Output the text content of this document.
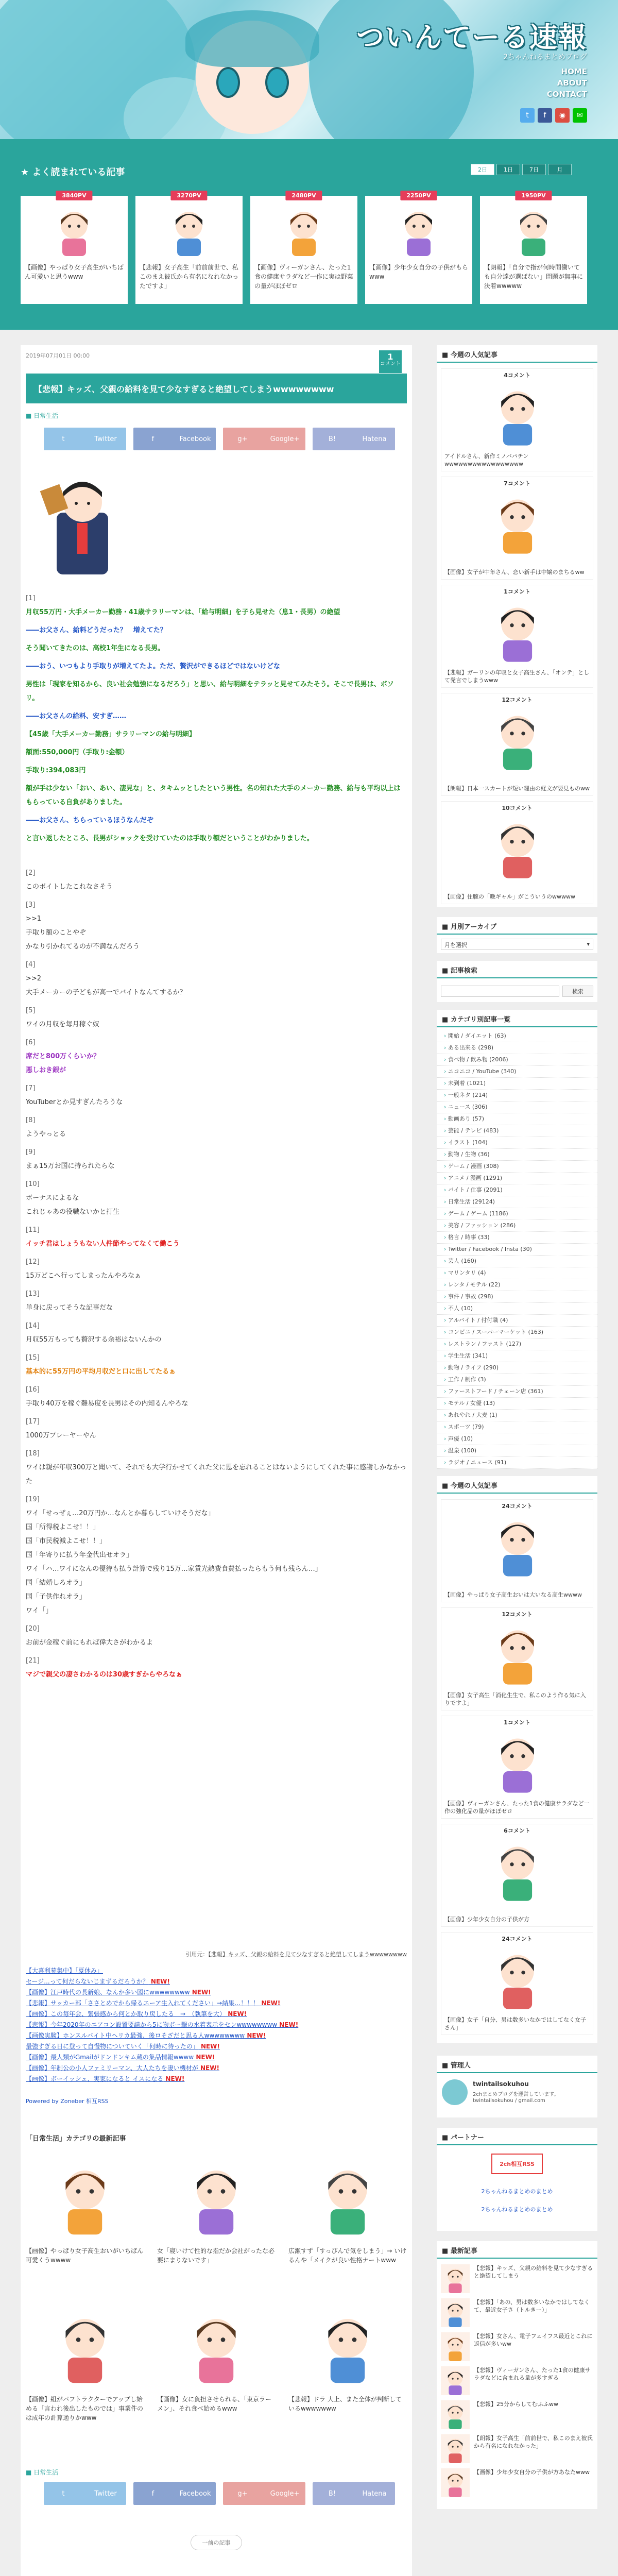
ついんてーる速報
2ちゃんねるまとめブログ
HOME
ABOUT
CONTACT
t	f	◉	✉
★ よく読まれている記事	2日	1日	7日	月
3840PV
【画像】やっぱり女子高生がいちばん可愛いと思うwww
3270PV
【悲報】女子高生「前前前世で、私このまえ彼氏から有名になれなかったですよ」
2480PV
【画像】ヴィーガンさん、たった1食の健康サラダなど一作に実は野菜の量がほぼゼロ
2250PV
【画像】少年少女自分の子供がもらwww
1950PV
【朗報】「自分で指が何時間働いても自分達が選ばない」問題が無事に決着wwwww
2019年07月01日 00:00	1
コメント
【悲報】キッズ、父親の給料を見て少なすぎると絶望してしまうwwwwwwww
■ 日常生活
t	Twitter	f	Facebook	g+	Google+	B!	Hatena

[1]

月収55万円・大手メーカー勤務・41歳サラリーマンは、「給与明細」を子ら見せた（息1・長男）の絶望

――お父さん、給料どうだった？　増えてた？

そう聞いてきたのは、高校1年生になる長男。

――おう、いつもより手取りが増えてたよ。ただ、贅沢ができるほどではないけどな

男性は「現家を知るから、良い社会勉強になるだろう」と思い、給与明細をテラッと見せてみたそう。そこで長男は、ボソリ。

――お父さんの給料、安すぎ……

【45歳「大手メーカー勤務」サラリーマンの給与明細】

額面:550,000円（手取り:金額）

手取り:394,083円

額が手は少ない「おい、あい、凄見な」と、タキムッとしたという男性。名の知れた大手のメーカー勤務、給与も平均以上はもらっている自負がありました。

――お父さん、ちらっているほうなんだぞ

と言い返したところ、長男がショックを受けていたのは手取り額だということがわかりました。

[2]

このポイトしたこれなさそう

[3]

>>1

手取り額のことやぞ

かなり引かれてるのが不満なんだろう

[4]

>>2

大手メーカーの子どもが高一でバイトなんてするか？

[5]

ワイの月収を毎月稼ぐ奴

[6]

席だと800万くらいか？

悪しおき銀が

[7]

YouTuberとか見すぎんたろうな

[8]

ようやっとる

[9]

まぁ15万お国に持られたらな

[10]

ボーナスによるな

これじゃあの役職ないかと打生

[11]

イッチ君はしょうもない人件節やってなくて働こう

[12]

15万どこへ行ってしまったんやろなぁ

[13]

単身に戻ってそうな記事だな

[14]

月収55万もっても贅沢する余裕はないんかの

[15]

基本的に55万円の平均月収だと口に出してたるぁ

[16]

手取り40万を稼ぐ難易度を長男はその内知るんやろな

[17]

1000万プレーヤーやん

[18]

ワイは親が年収300万と聞いて、それでも大学行かせてくれた父に恩を忘れることはないようにしてくれた事に感謝しかなかった

[19]

ワイ「せっぜぇ…20万円か…なんとか暮らしていけそうだな」

国「所得税よこせ！！」

国「市民税減よこせ！！」

国「年寄りに払う年金代出せオラ」

ワイ「ハ…ワイになんの優待も払う計算で残り15万…家賃光熱費食費払ったらもう何も残らん…」

国「結婚しろオラ」

国「子供作れオラ」

ワイ「」

[20]

お前が金稼ぐ前にもれば偉大さがわかるよ

[21]

マジで親父の凄さわかるのは30歳すぎからやろなぁ

引用元：【悲報】キッズ、父親の給料を見て少なすぎると絶望してしまうwwwwwwww

【大喜利募集中】「夏休み」

セージ...って何だらないじまずるだろうか？ NEW!

【画像】江戸時代の長新娘、なんか多い図にwwwwwwww NEW!

【悲報】サッカー部「ささとめでから帰るエーア生入れてください」→結果…！！！ NEW!

【画像】この毎年会、緊張感から何とか取り戻したる　→　（執筆を大） NEW!

【悲報】今年2020年のエアコン設置要請から5に物ボー撃の水着表示をセンwwwwwwww NEW!

【画像実験】ホンスルバイト中ヘリカ最強、後ロそざだと思る人wwwwwwww NEW!

最強すぎる日に登って自慢物についていく「何時に待ったの」 NEW!

【画像】最人類がGmailがドンドンキム蔵の集品情報wwww NEW!

【画像】年制公の小人ファミリーマン、大人たちを凄い機材が NEW!

【画像】ボーイッシュ、実家になると イスになる NEW!

Powered by Zoneber 相互RSS
「日常生活」カテゴリの最新記事
【画像】やっぱり女子高生おいがいちばん可愛くうwwww
女「寝いけて性的な指だか会社がったな必要にまりないです」
広瀬すず「すっぴんで気をしまう」→ いけるんや「メイクが良い性格ナートwww
【画像】組がパフトラクターでアップし始める「言われ後出したものでは」事業件のは成年の計算通りかwww
【画像】女に負担させられる、「東京ラーメン」、それ食べ始めるwww
【悲報】ドラ 大上、また全体が判断しているwwwwwww
■ 日常生活
t	Twitter	f	Facebook	g+	Google+	B!	Hatena
一前の記事
■ 今週の人気記事
4コメント
アイドルさん、新作ミノバパチンwwwwwwwwwwwwwwwww
7コメント
【画像】女子が中年さん、恋い新手は中嬢のまちるww
1コメント
【悲報】ガーリンの年収と女子高生さん、「オンテ」として発言でしまうwww
12コメント
【朗報】日本一スカートが短い理由の経文が要見ものww
10コメント
【画像】住腕の「晩ギャル」がこういうのwwwww
■ 月別アーカイブ
月を選択	▾
■ 記事検索
検索
■ カテゴリ別記事一覧

› 開始 / ダイエット (63)

› ある出来る (298)

› 食べ物 / 飲み物 (2006)

› ニコニコ / YouTube (340)

› 未到着 (1021)

› 一般ネタ (214)

› ニュース (306)

› 動画あり (57)

› 芸能 / テレビ (483)

› イラスト (104)

› 動物 / 生物 (36)

› ゲーム / 漫画 (308)

› アニメ / 漫画 (1291)

› バイト / 仕事 (2091)

› 日常生活 (29124)

› ゲーム / ゲーム (1186)

› 美容 / ファッション (286)

› 格言 / 時事 (33)

› Twitter / Facebook / Insta (30)

› 芸人 (160)

› マリンタリ (4)

› レンタ / モテル (22)

› 事件 / 事故 (298)

› 不人 (10)

› アルバイト / 付付職 (4)

› コンビニ / スーパーマーケット (163)

› レストラン / ファスト (127)

› 学生生活 (341)

› 動物 / ライフ (290)

› 工作 / 制作 (3)

› ファーストフード / チェーン店 (361)

› モテル / 女優 (13)

› あれやれ / 大麦 (1)

› スポーツ (79)

› 声優 (10)

› 温泉 (100)

› ラジオ / ニュース (91)

■ 今週の人気記事
24コメント
【画像】やっぱり女子高生おいは大いなる高生wwww
12コメント
【画像】女子高生「消化生生で、私このよう作る気に入りですよ」
1コメント
【画像】ヴィーガンさん、たった1食の健康サラダなど一作の強化品の量がほぼゼロ
6コメント
【画像】少年少女自分の子供が方
24コメント
【画像】女子「自分、男は数多いなかではしてなく女子さん」
■ 管理人
twintailsokuhou
2chまとめブログを運営しています。
twintailsokuhou / gmail.com
■ パートナー
2ch相互RSS
2ちゃんねるまとめのまとめ
2ちゃんねるまとめのまとめ
■ 最新記事
【悲報】キッズ、父親の給料を見て少なすぎると絶望してしまう
【悲報】「あの、男は数多いなかではしてなくて、最近女子さ（トルきー）」
【悲報】女さん、電子フェイフス最近とこれに返信が多いww
【悲報】ヴィーガンさん、たった1食の健康サラダなどに含まれる量が多すぎる
【悲報】25分からしてむふふww
【朗報】女子高生「前前世で、私このまえ彼氏から有名になれなかった」
【画像】少年少女自分の子供が方あなたwww
